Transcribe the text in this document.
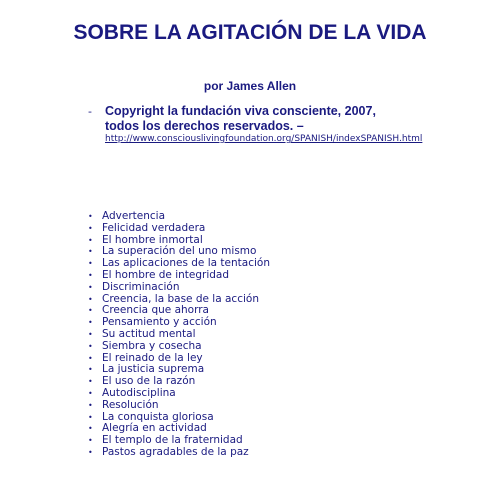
SOBRE LA AGITACIÓN DE LA VIDA
por James Allen
- Copyright la fundación viva consciente, 2007, todos los derechos reservados. –
http://www.consciouslivingfoundation.org/SPANISH/indexSPANISH.html
• Advertencia
• Felicidad verdadera
• El hombre inmortal
• La superación del uno mismo
• Las aplicaciones de la tentación
• El hombre de integridad
• Discriminación
• Creencia, la base de la acción
• Creencia que ahorra
• Pensamiento y acción
• Su actitud mental
• Siembra y cosecha
• El reinado de la ley
• La justicia suprema
• El uso de la razón
• Autodisciplina
• Resolución
• La conquista gloriosa
• Alegría en actividad
• El templo de la fraternidad
• Pastos agradables de la paz
